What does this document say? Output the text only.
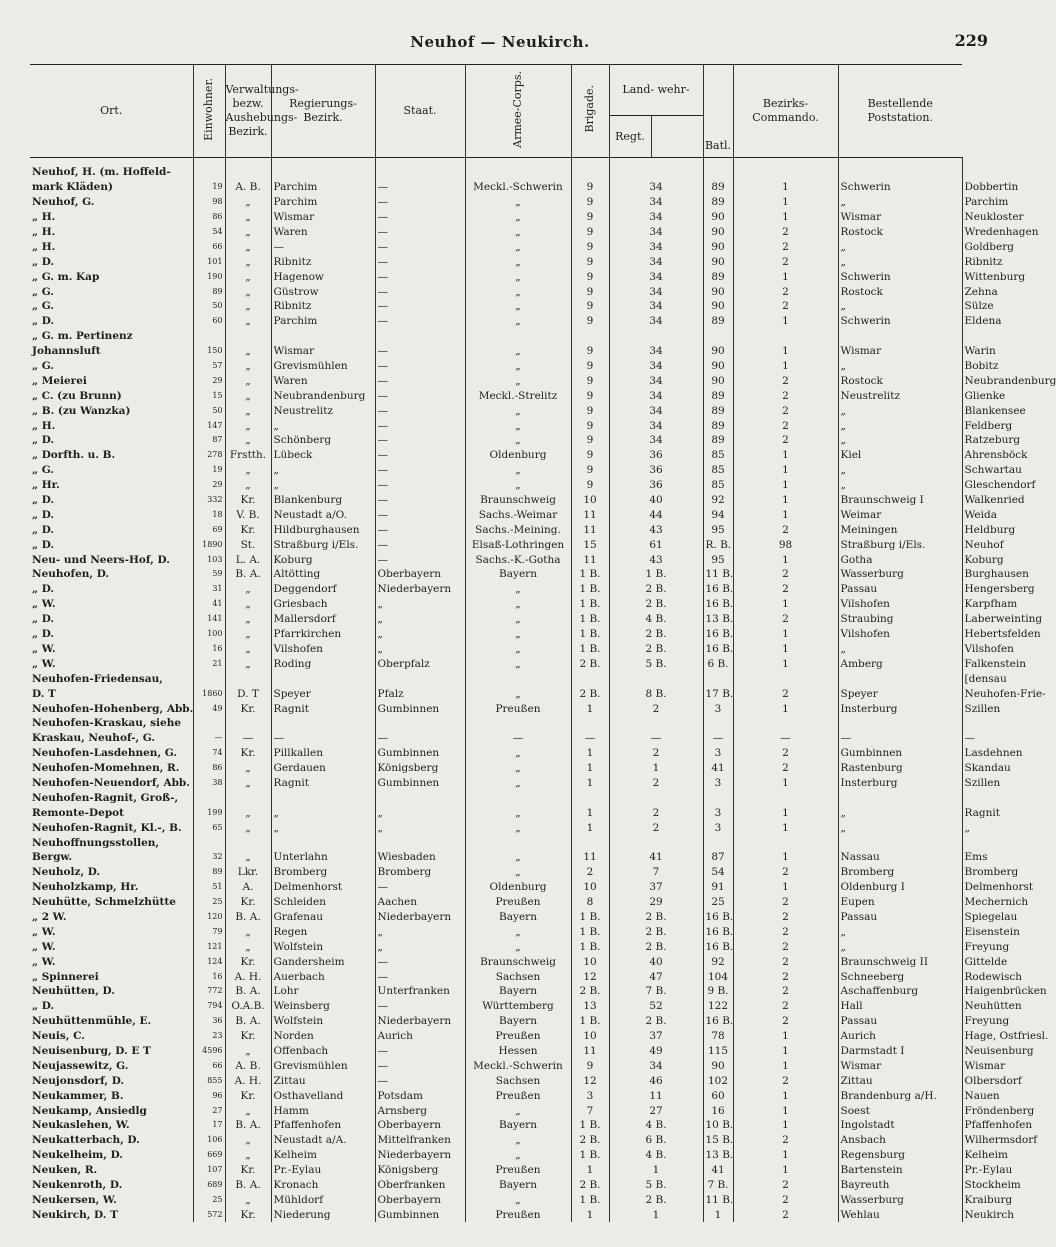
Neuhof — Neukirch.	229
Ort.	Einwohner.	Verwaltungs- bezw. Aushebungs- Bezirk.	Regierungs- Bezirk.	Staat.	Armee-Corps.	Brigade.	Land- wehr-		Batl.	Bezirks- Commando.	Bestellende Poststation.	
							Regt.					
Neuhof, H. (m. Hoffeld-												
mark Kläden)	19	A. B.	Parchim	—	Meckl.-Schwerin	9	34		89	1	Schwerin	Dobbertin
Neuhof, G.	98	„	Parchim	—	„	9	34		89	1	„	Parchim
„ H.	86	„	Wismar	—	„	9	34		90	1	Wismar	Neukloster
„ H.	54	„	Waren	—	„	9	34		90	2	Rostock	Wredenhagen
„ H.	66	„	—	—	„	9	34		90	2	„	Goldberg
„ D.	101	„	Ribnitz	—	„	9	34		90	2	„	Ribnitz
„ G. m. Kap	190	„	Hagenow	—	„	9	34		89	1	Schwerin	Wittenburg
„ G.	89	„	Güstrow	—	„	9	34		90	2	Rostock	Zehna
„ G.	50	„	Ribnitz	—	„	9	34		90	2	„	Sülze
„ D.	60	„	Parchim	—	„	9	34		89	1	Schwerin	Eldena
„ G. m. Pertinenz												
Johannsluft	150	„	Wismar	—	„	9	34		90	1	Wismar	Warin
„ G.	57	„	Grevismühlen	—	„	9	34		90	1	„	Bobitz
„ Meierei	29	„	Waren	—	„	9	34		90	2	Rostock	Neubrandenburg
„ C. (zu Brunn)	15	„	Neubrandenburg	—	Meckl.-Strelitz	9	34		89	2	Neustrelitz	Glienke
„ B. (zu Wanzka)	50	„	Neustrelitz	—	„	9	34		89	2	„	Blankensee
„ H.	147	„	„	—	„	9	34		89	2	„	Feldberg
„ D.	87	„	Schönberg	—	„	9	34		89	2	„	Ratzeburg
„ Dorfth. u. B.	278	Frstth.	Lübeck	—	Oldenburg	9	36		85	1	Kiel	Ahrensböck
„ G.	19	„	„	—	„	9	36		85	1	„	Schwartau
„ Hr.	29	„	„	—	„	9	36		85	1	„	Gleschendorf
„ D.	332	Kr.	Blankenburg	—	Braunschweig	10	40		92	1	Braunschweig I	Walkenried
„ D.	18	V. B.	Neustadt a/O.	—	Sachs.-Weimar	11	44		94	1	Weimar	Weida
„ D.	69	Kr.	Hildburghausen	—	Sachs.-Meining.	11	43		95	2	Meiningen	Heldburg
„ D.	1890	St.	Straßburg i/Els.	—	Elsaß-Lothringen	15	61		R. B.	98	Straßburg i/Els.	Neuhof
Neu- und Neers-Hof, D.	103	L. A.	Koburg	—	Sachs.-K.-Gotha	11	43		95	1	Gotha	Koburg
Neuhofen, D.	59	B. A.	Altötting	Oberbayern	Bayern	1 B.	1 B.		11 B.	2	Wasserburg	Burghausen
„ D.	31	„	Deggendorf	Niederbayern	„	1 B.	2 B.		16 B.	2	Passau	Hengersberg
„ W.	41	„	Griesbach	„	„	1 B.	2 B.		16 B.	1	Vilshofen	Karpfham
„ D.	141	„	Mallersdorf	„	„	1 B.	4 B.		13 B.	2	Straubing	Laberweinting
„ D.	100	„	Pfarrkirchen	„	„	1 B.	2 B.		16 B.	1	Vilshofen	Hebertsfelden
„ W.	16	„	Vilshofen	„	„	1 B.	2 B.		16 B.	1	„	Vilshofen
„ W.	21	„	Roding	Oberpfalz	„	2 B.	5 B.		6 B.	1	Amberg	Falkenstein
Neuhofen-Friedensau,												[densau
D. T	1860	D. T	Speyer	Pfalz	„	2 B.	8 B.		17 B.	2	Speyer	Neuhofen-Frie-
Neuhofen-Hohenberg, Abb.	49	Kr.	Ragnit	Gumbinnen	Preußen	1	2		3	1	Insterburg	Szillen
Neuhofen-Kraskau, siehe												
Kraskau, Neuhof-, G.	—	—	—	—	—	—	—		—	—	—	—
Neuhofen-Lasdehnen, G.	74	Kr.	Pillkallen	Gumbinnen	„	1	2		3	2	Gumbinnen	Lasdehnen
Neuhofen-Momehnen, R.	86	„	Gerdauen	Königsberg	„	1	1		41	2	Rastenburg	Skandau
Neuhofen-Neuendorf, Abb.	38	„	Ragnit	Gumbinnen	„	1	2		3	1	Insterburg	Szillen
Neuhofen-Ragnit, Groß-,												
Remonte-Depot	199	„	„	„	„	1	2		3	1	„	Ragnit
Neuhofen-Ragnit, Kl.-, B.	65	„	„	„	„	1	2		3	1	„	„
Neuhoffnungsstollen,												
Bergw.	32	„	Unterlahn	Wiesbaden	„	11	41		87	1	Nassau	Ems
Neuholz, D.	89	Lkr.	Bromberg	Bromberg	„	2	7		54	2	Bromberg	Bromberg
Neuholzkamp, Hr.	51	A.	Delmenhorst	—	Oldenburg	10	37		91	1	Oldenburg I	Delmenhorst
Neuhütte, Schmelzhütte	25	Kr.	Schleiden	Aachen	Preußen	8	29		25	2	Eupen	Mechernich
„ 2 W.	120	B. A.	Grafenau	Niederbayern	Bayern	1 B.	2 B.		16 B.	2	Passau	Spiegelau
„ W.	79	„	Regen	„	„	1 B.	2 B.		16 B.	2	„	Eisenstein
„ W.	121	„	Wolfstein	„	„	1 B.	2 B.		16 B.	2	„	Freyung
„ W.	124	Kr.	Gandersheim	—	Braunschweig	10	40		92	2	Braunschweig II	Gittelde
„ Spinnerei	16	A. H.	Auerbach	—	Sachsen	12	47		104	2	Schneeberg	Rodewisch
Neuhütten, D.	772	B. A.	Lohr	Unterfranken	Bayern	2 B.	7 B.		9 B.	2	Aschaffenburg	Haigenbrücken
„ D.	794	O.A.B.	Weinsberg	—	Württemberg	13	52		122	2	Hall	Neuhütten
Neuhüttenmühle, E.	36	B. A.	Wolfstein	Niederbayern	Bayern	1 B.	2 B.		16 B.	2	Passau	Freyung
Neuis, C.	23	Kr.	Norden	Aurich	Preußen	10	37		78	1	Aurich	Hage, Ostfriesl.
Neuisenburg, D. E T	4596	„	Offenbach	—	Hessen	11	49		115	1	Darmstadt I	Neuisenburg
Neujassewitz, G.	66	A. B.	Grevismühlen	—	Meckl.-Schwerin	9	34		90	1	Wismar	Wismar
Neujonsdorf, D.	855	A. H.	Zittau	—	Sachsen	12	46		102	2	Zittau	Olbersdorf
Neukammer, B.	96	Kr.	Osthavelland	Potsdam	Preußen	3	11		60	1	Brandenburg a/H.	Nauen
Neukamp, Ansiedlg	27	„	Hamm	Arnsberg	„	7	27		16	1	Soest	Fröndenberg
Neukaslehen, W.	17	B. A.	Pfaffenhofen	Oberbayern	Bayern	1 B.	4 B.		10 B.	1	Ingolstadt	Pfaffenhofen
Neukatterbach, D.	106	„	Neustadt a/A.	Mittelfranken	„	2 B.	6 B.		15 B.	2	Ansbach	Wilhermsdorf
Neukelheim, D.	669	„	Kelheim	Niederbayern	„	1 B.	4 B.		13 B.	1	Regensburg	Kelheim
Neuken, R.	107	Kr.	Pr.-Eylau	Königsberg	Preußen	1	1		41	1	Bartenstein	Pr.-Eylau
Neukenroth, D.	689	B. A.	Kronach	Oberfranken	Bayern	2 B.	5 B.		7 B.	2	Bayreuth	Stockheim
Neukersen, W.	25	„	Mühldorf	Oberbayern	„	1 B.	2 B.		11 B.	2	Wasserburg	Kraiburg
Neukirch, D. T	572	Kr.	Niederung	Gumbinnen	Preußen	1	1		1	2	Wehlau	Neukirch
